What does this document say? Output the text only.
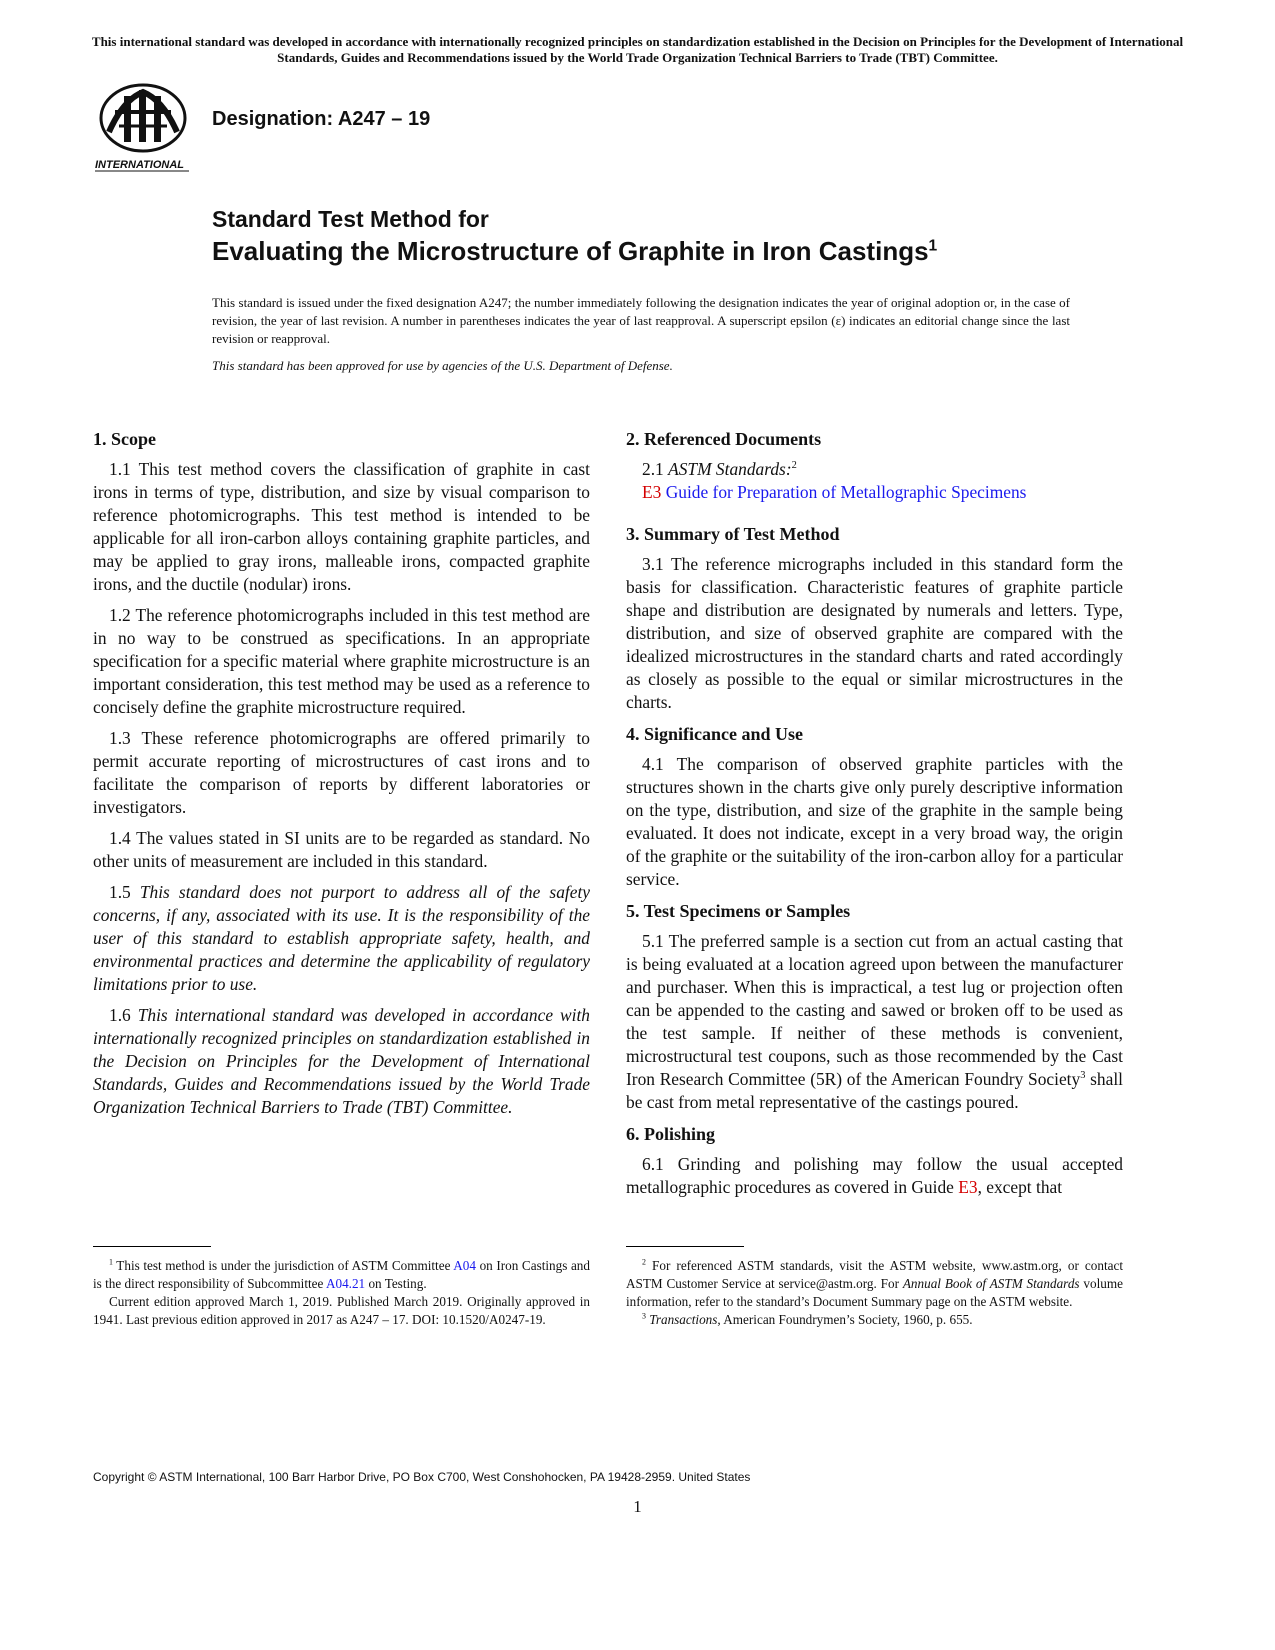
This international standard was developed in accordance with internationally recognized principles on standardization established in the Decision on Principles for the Development of International Standards, Guides and Recommendations issued by the World Trade Organization Technical Barriers to Trade (TBT) Committee.
INTERNATIONAL
Designation: A247 – 19
Standard Test Method for
Evaluating the Microstructure of Graphite in Iron Castings$^1$
This standard is issued under the fixed designation A247; the number immediately following the designation indicates the year of original adoption or, in the case of revision, the year of last revision. A number in parentheses indicates the year of last reapproval. A superscript epsilon (ε) indicates an editorial change since the last revision or reapproval.
This standard has been approved for use by agencies of the U.S. Department of Defense.
1. Scope

1.1 This test method covers the classification of graphite in cast irons in terms of type, distribution, and size by visual comparison to reference photomicrographs. This test method is intended to be applicable for all iron-carbon alloys containing graphite particles, and may be applied to gray irons, malleable irons, compacted graphite irons, and the ductile (nodular) irons.

1.2 The reference photomicrographs included in this test method are in no way to be construed as specifications. In an appropriate specification for a specific material where graphite microstructure is an important consideration, this test method may be used as a reference to concisely define the graphite microstructure required.

1.3 These reference photomicrographs are offered primarily to permit accurate reporting of microstructures of cast irons and to facilitate the comparison of reports by different laboratories or investigators.

1.4 The values stated in SI units are to be regarded as standard. No other units of measurement are included in this standard.

1.5 This standard does not purport to address all of the safety concerns, if any, associated with its use. It is the responsibility of the user of this standard to establish appropriate safety, health, and environmental practices and determine the applicability of regulatory limitations prior to use.

1.6 This international standard was developed in accordance with internationally recognized principles on standardization established in the Decision on Principles for the Development of International Standards, Guides and Recommendations issued by the World Trade Organization Technical Barriers to Trade (TBT) Committee.

2. Referenced Documents

2.1 ASTM Standards:$^2$

E3 Guide for Preparation of Metallographic Specimens

3. Summary of Test Method

3.1 The reference micrographs included in this standard form the basis for classification. Characteristic features of graphite particle shape and distribution are designated by numerals and letters. Type, distribution, and size of observed graphite are compared with the idealized microstructures in the standard charts and rated accordingly as closely as possible to the equal or similar microstructures in the charts.

4. Significance and Use

4.1 The comparison of observed graphite particles with the structures shown in the charts give only purely descriptive information on the type, distribution, and size of the graphite in the sample being evaluated. It does not indicate, except in a very broad way, the origin of the graphite or the suitability of the iron-carbon alloy for a particular service.

5. Test Specimens or Samples

5.1 The preferred sample is a section cut from an actual casting that is being evaluated at a location agreed upon between the manufacturer and purchaser. When this is impractical, a test lug or projection often can be appended to the casting and sawed or broken off to be used as the test sample. If neither of these methods is convenient, microstructural test coupons, such as those recommended by the Cast Iron Research Committee (5R) of the American Foundry Society$^3$ shall be cast from metal representative of the castings poured.

6. Polishing

6.1 Grinding and polishing may follow the usual accepted metallographic procedures as covered in Guide E3, except that

$^1$ This test method is under the jurisdiction of ASTM Committee A04 on Iron Castings and is the direct responsibility of Subcommittee A04.21 on Testing.

Current edition approved March 1, 2019. Published March 2019. Originally approved in 1941. Last previous edition approved in 2017 as A247 – 17. DOI: 10.1520/A0247-19.

$^2$ For referenced ASTM standards, visit the ASTM website, www.astm.org, or contact ASTM Customer Service at service@astm.org. For Annual Book of ASTM Standards volume information, refer to the standard’s Document Summary page on the ASTM website.

$^3$ Transactions, American Foundrymen’s Society, 1960, p. 655.

Copyright © ASTM International, 100 Barr Harbor Drive, PO Box C700, West Conshohocken, PA 19428-2959. United States
1
